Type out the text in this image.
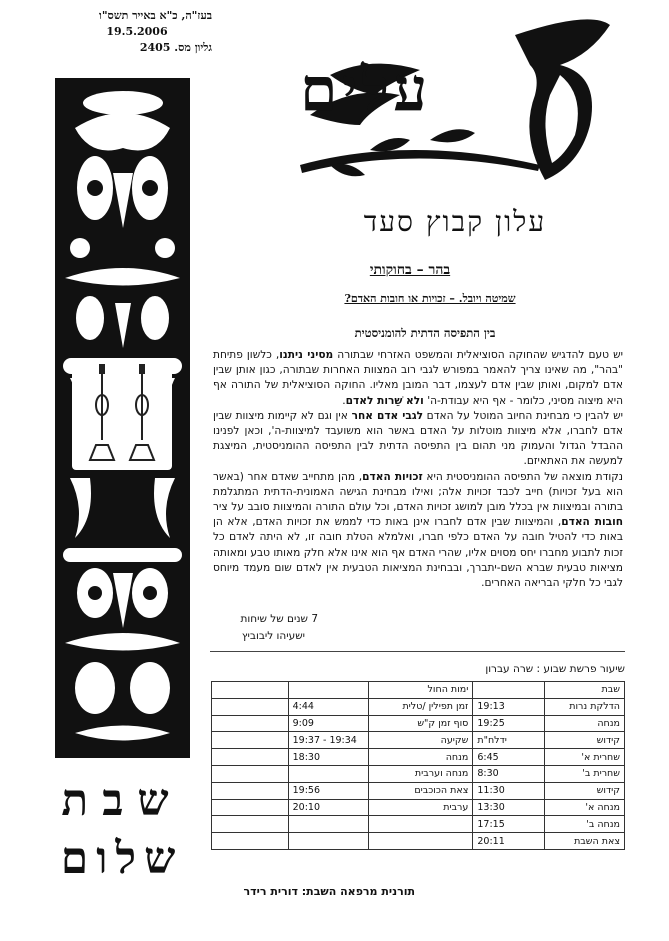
בעז"ה, כ"א באייר תשס"ו
19.5.2006
גליון מס. 2405
שבת
שלום
עלים
עלון קבוץ סעד
בהר – בחוקותי
שמיטה ויובל. – זכויות או חובות האדם?
בין התפיסה הדתית להומניסטית

יש טעם להדגיש שהחוקה הסוציאלית והמשפט האזרחי שבתורה מסיני ניתנו, כלשון פתיחת "בהר", מה שאינו צריך להאמר במפורש לגבי רוב המצוות האחרות שבתורה, כגון אותן שבין אדם למקום, ואותן שבין אדם לעצמו, דבר המובן מאליו. החוקה הסוציאלית של התורה אף היא מיצוה מסיני, כלומר - אף היא עבודת-ה' ולא שֵׁרות לאדם.

יש להבין כי מבחינת החיוב המוטל על האדם לגבי אדם אחר אין וגם לא קיימות מיצוות שבין אדם לחברו, אלא מיצוות מוטלות על האדם באשר הוא משועבד למיצוות-ה', וכאן לפנינו ההבדל הגדול והעמוק מני תהום בין התפיסה הדתית לבין התפיסה ההומניסטית, המיצגת למעשה את האתאיזם.

נקודת מוצאה של התפיסה ההומניסטית היא זכויות האדם, מהן מתחייב שאדם אחר (באשר הוא בעל זכויות) חייב לכבד זכויות אלה; ואילו מבחינת הגישה האמונית-הדתית המתגלמת בתורה ובמיצוות אין בכלל מובן למושג זכויות האדם, וכל עולם התורה והמיצוות סובב על ציר חובות האדם, והמיצוות שבין אדם לחברו אינן באות כדי לממש את זכויות האדם, אלא הן באות כדי להטיל חובה על האדם כלפי חברו, ואלמלא הטלת חובה זו, לא היתה לאדם כל זכות לתבוע מחברו יחס מסוים אליו, שהרי האדם אף הוא אינו אלא חלק מאותו טבע ומאותה מציאות טבעית שברא השם-יתברך, ובבחינת המציאות הטבעית אין לאדם שום מעמד מיוחס לגבי כל חלקי הבריאה האחרים.

7 שנים של שיחות
ישעיהו ליבוביץ
שיעור פרשת שבוע : שרה עברון
שבת		ימות החול		
הדלקת נרות	19:13	זמן תפילין /טלית	4:44	
מנחה	19:25	סוף זמן ק"ש	9:09	
קידוש	ידלח"ת	שקיעה	19:34 - 19:37	
שחרית א'	6:45	מנחה	18:30	
שחרית ב'	8:30	מנחה וערבית		
קידוש	11:30	צאת הכוכבים	19:56	
מנחה א'	13:30	ערבית	20:10	
מנחה ב'	17:15			
צאת השבת	20:11			
תורנית מרפאה השבת: דורית רידר
